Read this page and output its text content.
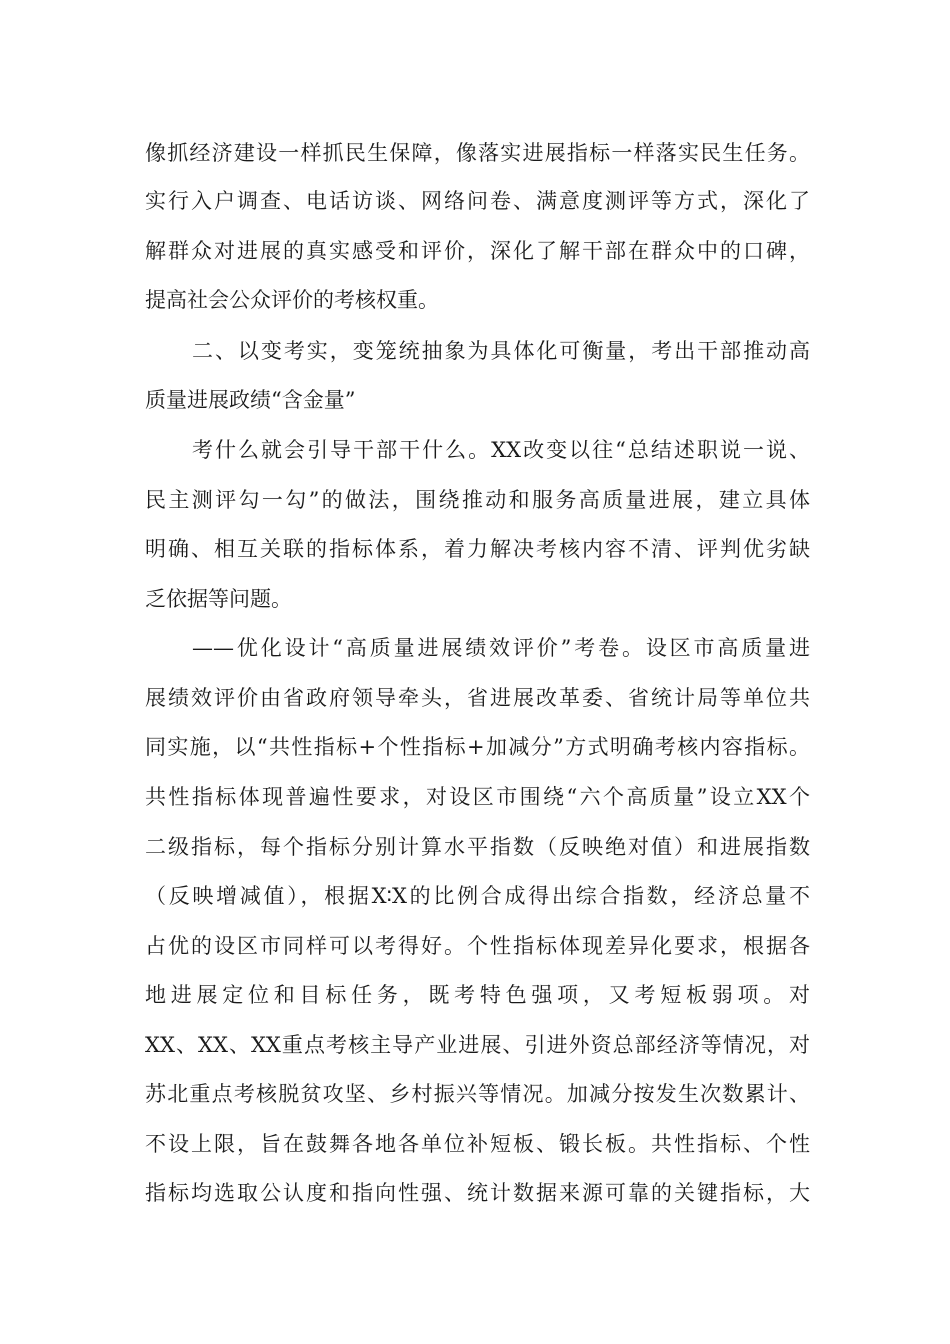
像抓经济建设一样抓民生保障，像落实进展指标一样落实民生任务。
实行入户调查、电话访谈、网络问卷、满意度测评等方式，深化了
解群众对进展的真实感受和评价，深化了解干部在群众中的口碑，
提高社会公众评价的考核权重。
二、以变考实，变笼统抽象为具体化可衡量，考出干部推动高
质量进展政绩“含金量”
考什么就会引导干部干什么。XX改变以往“总结述职说一说、
民主测评勾一勾”的做法，围绕推动和服务高质量进展，建立具体
明确、相互关联的指标体系，着力解决考核内容不清、评判优劣缺
乏依据等问题。
——优化设计“高质量进展绩效评价”考卷。设区市高质量进
展绩效评价由省政府领导牵头，省进展改革委、省统计局等单位共
同实施，以“共性指标+个性指标+加减分”方式明确考核内容指标。
共性指标体现普遍性要求，对设区市围绕“六个高质量”设立XX个
二级指标，每个指标分别计算水平指数（反映绝对值）和进展指数
（反映增减值），根据X∶X的比例合成得出综合指数，经济总量不
占优的设区市同样可以考得好。个性指标体现差异化要求，根据各
地进展定位和目标任务，既考特色强项，又考短板弱项。对
XX、XX、XX重点考核主导产业进展、引进外资总部经济等情况，对
苏北重点考核脱贫攻坚、乡村振兴等情况。加减分按发生次数累计、
不设上限，旨在鼓舞各地各单位补短板、锻长板。共性指标、个性
指标均选取公认度和指向性强、统计数据来源可靠的关键指标，大
